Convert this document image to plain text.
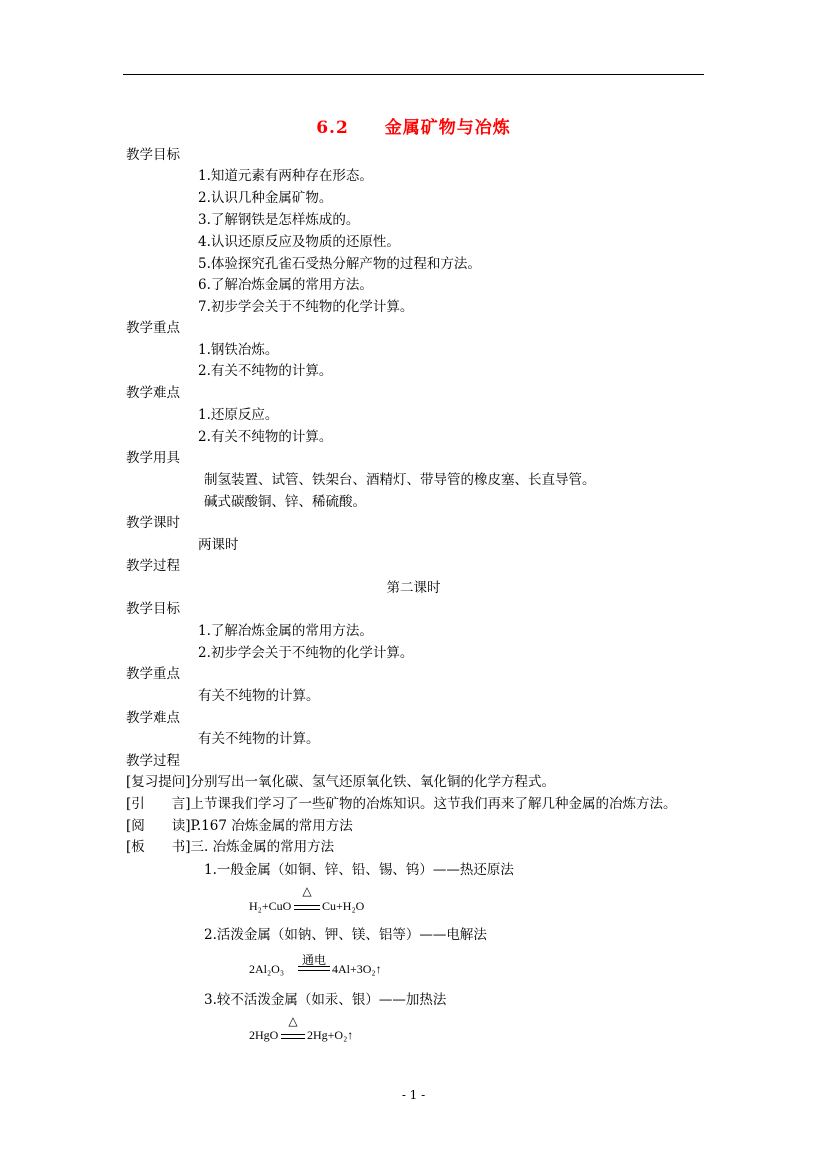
6.2 金属矿物与冶炼
教学目标
1.知道元素有两种存在形态。
2.认识几种金属矿物。
3.了解钢铁是怎样炼成的。
4.认识还原反应及物质的还原性。
5.体验探究孔雀石受热分解产物的过程和方法。
6.了解冶炼金属的常用方法。
7.初步学会关于不纯物的化学计算。
教学重点
1.钢铁冶炼。
2.有关不纯物的计算。
教学难点
1.还原反应。
2.有关不纯物的计算。
教学用具
制氢装置、试管、铁架台、酒精灯、带导管的橡皮塞、长直导管。
碱式碳酸铜、锌、稀硫酸。
教学课时
两课时
教学过程
第二课时
教学目标
1.了解冶炼金属的常用方法。
2.初步学会关于不纯物的化学计算。
教学重点
有关不纯物的计算。
教学难点
有关不纯物的计算。
教学过程
[复习提问]分别写出一氧化碳、氢气还原氧化铁、氧化铜的化学方程式。
[引　　言]上节课我们学习了一些矿物的冶炼知识。这节我们再来了解几种金属的冶炼方法。
[阅　　读]P.167 冶炼金属的常用方法
[板　　书]三. 冶炼金属的常用方法
1.一般金属（如铜、锌、铅、锡、钨）——热还原法
H₂+CuO
△
Cu+H₂O
2.活泼金属（如钠、钾、镁、铝等）——电解法
2Al₂O₃
通电
4Al+3O₂↑
3.较不活泼金属（如汞、银）——加热法
2HgO
△
2Hg+O₂↑
- 1 -
